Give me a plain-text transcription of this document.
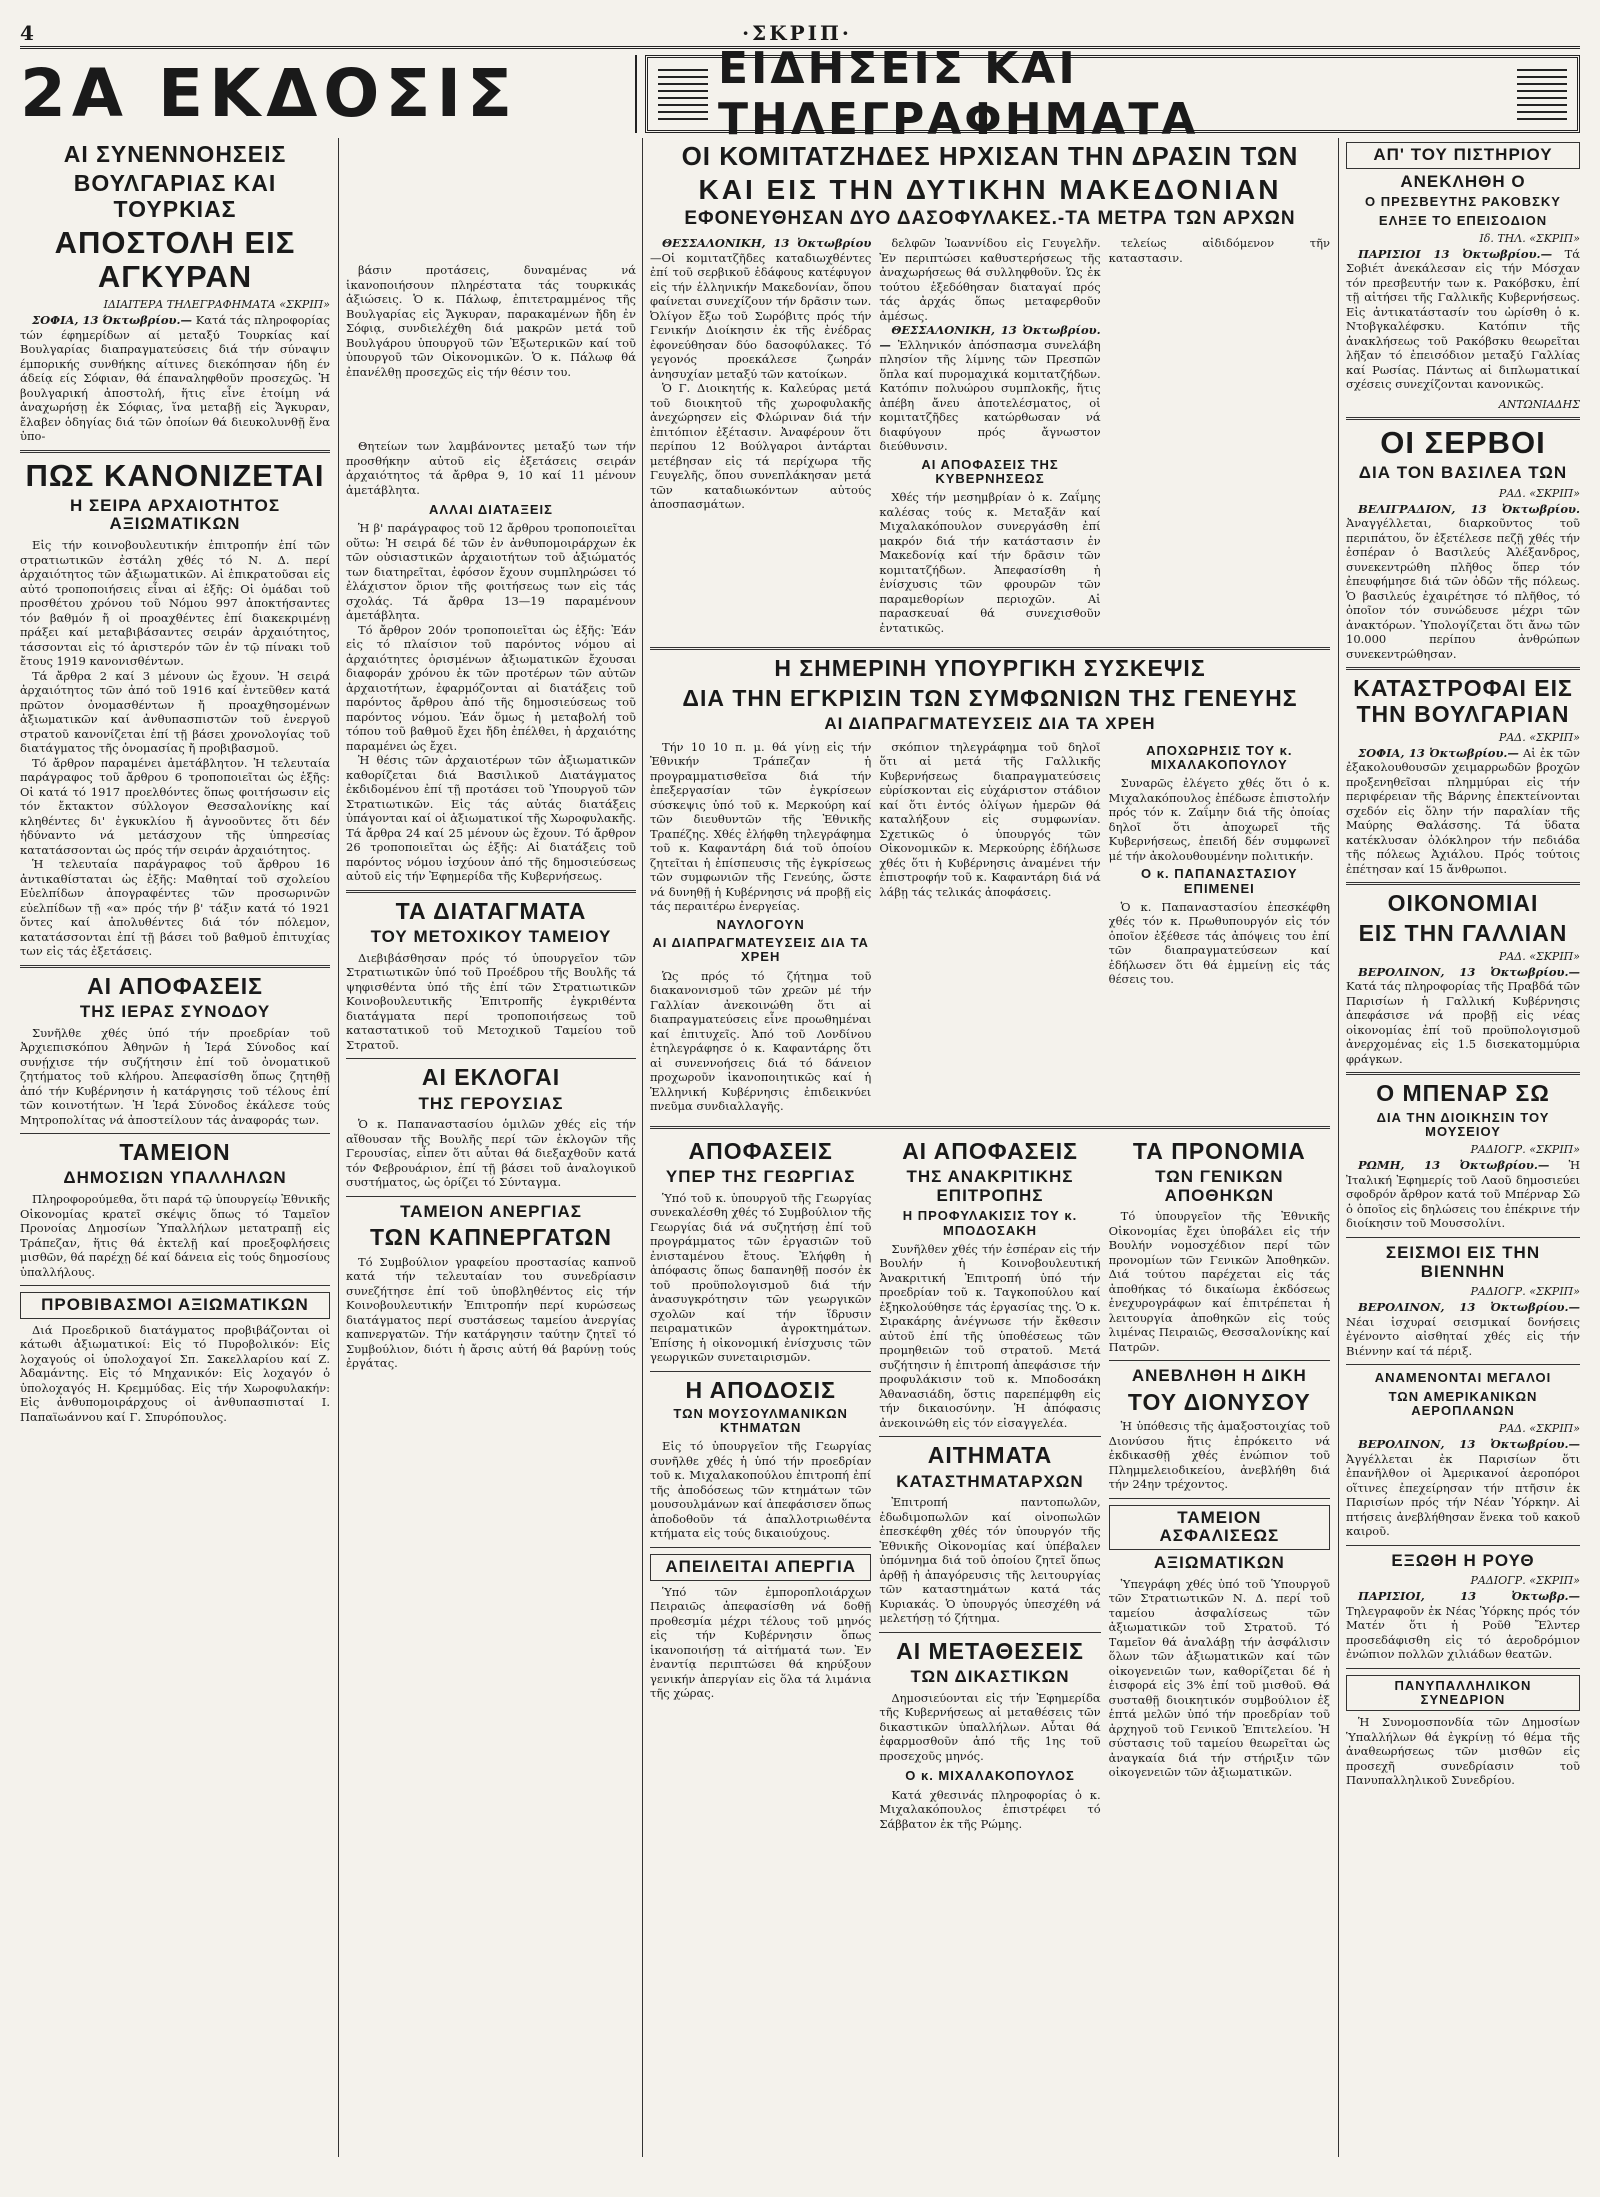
4	·ΣΚΡΙΠ·
2A ΕΚΔΟΣΙΣ	ΕΙΔΗΣΕΙΣ ΚΑΙ ΤΗΛΕΓΡΑΦΗΜΑΤΑ
ΑΙ ΣΥΝΕΝΝΟΗΣΕΙΣ
ΒΟΥΛΓΑΡΙΑΣ ΚΑΙ ΤΟΥΡΚΙΑΣ
ΑΠΟΣΤΟΛΗ ΕΙΣ ΑΓΚΥΡΑΝ
ΙΔΙΑΙΤΕΡΑ ΤΗΛΕΓΡΑΦΗΜΑΤΑ «ΣΚΡΙΠ»

ΣΟΦΙΑ, 13 Όκτωβρίου.— Κατά τάς πληροφορίας τών έφημερίδων αί μεταξύ Τουρκίας καί Βουλγαρίας διαπραγματεύσεις διά τήν σύναψιν έμπορικής συνθήκης αίτινες διεκόπησαν ήδη έν άδείᾳ είς Σόφιαν, θά έπαναληφθοῦν προσεχῶς. Ἡ βουλγαρική ἀποστολή, ἥτις εἶνε ἑτοίμη νά ἀναχωρήσῃ ἐκ Σόφιας, ἵνα μεταβῇ εἰς Ἄγκυραν, ἔλαβεν ὁδηγίας διά τῶν ὁποίων θά διευκολυνθῇ ἕνα ὑπο-

ΠΩΣ ΚΑΝΟΝΙΖΕΤΑΙ
Η ΣΕΙΡΑ ΑΡΧΑΙΟΤΗΤΟΣ ΑΞΙΩΜΑΤΙΚΩΝ

Εἰς τήν κοινοβουλευτικήν ἐπιτροπήν ἐπί τῶν στρατιωτικῶν ἐστάλη χθές τό Ν. Δ. περί ἀρχαιότητος τῶν ἀξιωματικῶν. Αἱ ἐπικρατοῦσαι εἰς αὐτό τροποποιήσεις εἶναι αἱ ἑξῆς: Οἱ ὁμάδαι τοῦ προσθέτου χρόνου τοῦ Νόμου 997 ἀποκτήσαντες τόν βαθμόν ἤ οἱ προαχθέντες ἐπί διακεκριμένῃ πράξει καί μεταβιβάσαντες σειράν ἀρχαιότητος, τάσσονται εἰς τό ἀριστερόν τῶν ἐν τῷ πίνακι τοῦ ἔτους 1919 κανονισθέντων.

Τά ἄρθρα 2 καί 3 μένουν ὡς ἔχουν. Ἡ σειρά ἀρχαιότητος τῶν ἀπό τοῦ 1916 καί ἐντεῦθεν κατά πρῶτον ὀνομασθέντων ἤ προαχθησομένων ἀξιωματικῶν καί ἀνθυπασπιστῶν τοῦ ἐνεργοῦ στρατοῦ κανονίζεται ἐπί τῇ βάσει χρονολογίας τοῦ διατάγματος τῆς ὀνομασίας ἤ προβιβασμοῦ.

Τό ἄρθρον παραμένει ἀμετάβλητον. Ἡ τελευταία παράγραφος τοῦ ἄρθρου 6 τροποποιεῖται ὡς ἑξῆς: Οἱ κατά τό 1917 προελθόντες ὅπως φοιτήσωσιν εἰς τόν ἔκτακτον σύλλογον Θεσσαλονίκης καί κληθέντες δι' ἐγκυκλίου ἤ ἀγνοοῦντες ὅτι δέν ἠδύναντο νά μετάσχουν τῆς ὑπηρεσίας κατατάσσονται ὡς πρός τήν σειράν ἀρχαιότητος.

Ἡ τελευταία παράγραφος τοῦ ἄρθρου 16 ἀντικαθίσταται ὡς ἑξῆς: Μαθηταί τοῦ σχολείου Εὐελπίδων ἀπογραφέντες τῶν προσωρινῶν εὐελπίδων τῇ «α» πρός τήν β' τάξιν κατά τό 1921 ὄντες καί ἀπολυθέντες διά τόν πόλεμον, κατατάσσονται ἐπί τῇ βάσει τοῦ βαθμοῦ ἐπιτυχίας των εἰς τάς ἐξετάσεις.

ΑΙ ΑΠΟΦΑΣΕΙΣ
ΤΗΣ ΙΕΡΑΣ ΣΥΝΟΔΟΥ

Συνῆλθε χθές ὑπό τήν προεδρίαν τοῦ Ἀρχιεπισκόπου Ἀθηνῶν ἡ Ἱερά Σύνοδος καί συνῄχισε τήν συζήτησιν ἐπί τοῦ ὀνοματικοῦ ζητήματος τοῦ κλήρου. Ἀπεφασίσθη ὅπως ζητηθῇ ἀπό τήν Κυβέρνησιν ἡ κατάργησις τοῦ τέλους ἐπί τῶν κοινοτήτων. Ἡ Ἱερά Σύνοδος ἐκάλεσε τούς Μητροπολίτας νά ἀποστείλουν τάς ἀναφοράς των.

ΤΑΜΕΙΟΝ
ΔΗΜΟΣΙΩΝ ΥΠΑΛΛΗΛΩΝ

Πληροφορούμεθα, ὅτι παρά τῷ ὑπουργείῳ Ἐθνικῆς Οἰκονομίας κρατεῖ σκέψις ὅπως τό Ταμεῖον Προνοίας Δημοσίων Ὑπαλλήλων μετατραπῇ εἰς Τράπεζαν, ἥτις θά ἐκτελῇ καί προεξοφλήσεις μισθῶν, θά παρέχῃ δέ καί δάνεια εἰς τούς δημοσίους ὑπαλλήλους.

ΠΡΟΒΙΒΑΣΜΟΙ ΑΞΙΩΜΑΤΙΚΩΝ

Διά Προεδρικοῦ διατάγματος προβιβάζονται οἱ κάτωθι ἀξιωματικοί: Εἰς τό Πυροβολικόν: Εἰς λοχαγούς οἱ ὑπολοχαγοί Σπ. Σακελλαρίου καί Ζ. Ἀδαμάντης. Εἰς τό Μηχανικόν: Εἰς λοχαγόν ὁ ὑπολοχαγός Η. Κρεμμύδας. Εἰς τήν Χωροφυλακήν: Εἰς ἀνθυπομοιράρχους οἱ ἀνθυπασπισταί Ι. Παπαϊωάννου καί Γ. Σπυρόπουλος.

βάσιν προτάσεις, δυναμένας νά ἱκανοποιήσουν πληρέστατα τάς τουρκικάς ἀξιώσεις. Ὁ κ. Πάλωφ, ἐπιτετραμμένος τῆς Βουλγαρίας εἰς Ἄγκυραν, παρακαμένων ἤδη ἐν Σόφιᾳ, συνδιελέχθη διά μακρῶν μετά τοῦ Βουλγάρου ὑπουργοῦ τῶν Ἐξωτερικῶν καί τοῦ ὑπουργοῦ τῶν Οἰκονομικῶν. Ὁ κ. Πάλωφ θά ἐπανέλθῃ προσεχῶς εἰς τήν θέσιν του.

Θητείων των λαμβάνοντες μεταξύ των τήν προσθήκην αὐτοῦ εἰς ἐξετάσεις σειράν ἀρχαιότητος τά ἄρθρα 9, 10 καί 11 μένουν ἀμετάβλητα.

ΑΛΛΑΙ ΔΙΑΤΑΞΕΙΣ

Ἡ β' παράγραφος τοῦ 12 ἄρθρου τροποποιεῖται οὕτω: Ἡ σειρά δέ τῶν ἐν ἀνθυπομοιράρχων ἐκ τῶν οὐσιαστικῶν ἀρχαιοτήτων τοῦ ἀξιώματός των διατηρεῖται, ἐφόσον ἔχουν συμπληρώσει τό ἐλάχιστον ὅριον τῆς φοιτήσεως των εἰς τάς σχολάς. Τά ἄρθρα 13—19 παραμένουν ἀμετάβλητα.

Τό ἄρθρον 20όν τροποποιεῖται ὡς ἑξῆς: Ἐάν εἰς τό πλαίσιον τοῦ παρόντος νόμου αἱ ἀρχαιότητες ὁρισμένων ἀξιωματικῶν ἔχουσαι διαφοράν χρόνου ἐκ τῶν προτέρων τῶν αὐτῶν ἀρχαιοτήτων, ἐφαρμόζονται αἱ διατάξεις τοῦ παρόντος ἄρθρου ἀπό τῆς δημοσιεύσεως τοῦ παρόντος νόμου. Ἐάν ὅμως ἡ μεταβολή τοῦ τόπου τοῦ βαθμοῦ ἔχει ἤδη ἐπέλθει, ἡ ἀρχαιότης παραμένει ὡς ἔχει.

Ἡ θέσις τῶν ἀρχαιοτέρων τῶν ἀξιωματικῶν καθορίζεται διά Βασιλικοῦ Διατάγματος ἐκδιδομένου ἐπί τῇ προτάσει τοῦ Ὑπουργοῦ τῶν Στρατιωτικῶν. Εἰς τάς αὐτάς διατάξεις ὑπάγονται καί οἱ ἀξιωματικοί τῆς Χωροφυλακῆς. Τά ἄρθρα 24 καί 25 μένουν ὡς ἔχουν. Τό ἄρθρον 26 τροποποιεῖται ὡς ἑξῆς: Αἱ διατάξεις τοῦ παρόντος νόμου ἰσχύουν ἀπό τῆς δημοσιεύσεως αὐτοῦ εἰς τήν Ἐφημερίδα τῆς Κυβερνήσεως.

ΤΑ ΔΙΑΤΑΓΜΑΤΑ
ΤΟΥ ΜΕΤΟΧΙΚΟΥ ΤΑΜΕΙΟΥ

Διεβιβάσθησαν πρός τό ὑπουργεῖον τῶν Στρατιωτικῶν ὑπό τοῦ Προέδρου τῆς Βουλῆς τά ψηφισθέντα ὑπό τῆς ἐπί τῶν Στρατιωτικῶν Κοινοβουλευτικῆς Ἐπιτροπῆς ἐγκριθέντα διατάγματα περί τροποποιήσεως τοῦ καταστατικοῦ τοῦ Μετοχικοῦ Ταμείου τοῦ Στρατοῦ.

ΑΙ ΕΚΛΟΓΑΙ
ΤΗΣ ΓΕΡΟΥΣΙΑΣ

Ὁ κ. Παπαναστασίου ὁμιλῶν χθές εἰς τήν αἴθουσαν τῆς Βουλῆς περί τῶν ἐκλογῶν τῆς Γερουσίας, εἶπεν ὅτι αὗται θά διεξαχθοῦν κατά τόν Φεβρουάριον, ἐπί τῇ βάσει τοῦ ἀναλογικοῦ συστήματος, ὡς ὁρίζει τό Σύνταγμα.

ΤΑΜΕΙΟΝ ΑΝΕΡΓΙΑΣ
ΤΩΝ ΚΑΠΝΕΡΓΑΤΩΝ

Τό Συμβούλιον γραφείου προστασίας καπνοῦ κατά τήν τελευταίαν του συνεδρίασιν συνεζήτησε ἐπί τοῦ ὑποβληθέντος εἰς τήν Κοινοβουλευτικήν Ἐπιτροπήν περί κυρώσεως διατάγματος περί συστάσεως ταμείου ἀνεργίας καπνεργατῶν. Τήν κατάργησιν ταύτην ζητεῖ τό Συμβούλιον, διότι ἡ ἄρσις αὐτή θά βαρύνῃ τούς ἐργάτας.

ΟΙ ΚΟΜΙΤΑΤΖΗΔΕΣ ΗΡΧΙΣΑΝ ΤΗΝ ΔΡΑΣΙΝ ΤΩΝ
ΚΑΙ ΕΙΣ ΤΗΝ ΔΥΤΙΚΗΝ ΜΑΚΕΔΟΝΙΑΝ
ΕΦΟΝΕΥΘΗΣΑΝ ΔΥΟ ΔΑΣΟΦΥΛΑΚΕΣ.-ΤΑ ΜΕΤΡΑ ΤΩΝ ΑΡΧΩΝ

ΘΕΣΣΑΛΟΝΙΚΗ, 13 Ὀκτωβρίου —Οἱ κομιτατζῆδες καταδιωχθέντες ἐπί τοῦ σερβικοῦ ἐδάφους κατέφυγον εἰς τήν ἑλληνικήν Μακεδονίαν, ὅπου φαίνεται συνεχίζουν τήν δρᾶσιν των. Ὀλίγον ἔξω τοῦ Σωρόβιτς πρός τήν Γενικήν Διοίκησιν ἐκ τῆς ἐνέδρας ἐφονεύθησαν δύο δασοφύλακες. Τό γεγονός προεκάλεσε ζωηράν ἀνησυχίαν μεταξύ τῶν κατοίκων.

Ὁ Γ. Διοικητής κ. Καλεύρας μετά τοῦ διοικητοῦ τῆς χωροφυλακῆς ἀνεχώρησεν εἰς Φλώριναν διά τήν ἐπιτόπιον ἐξέτασιν. Ἀναφέρουν ὅτι περίπου 12 Βούλγαροι ἀντάρται μετέβησαν εἰς τά περίχωρα τῆς Γευγελῆς, ὅπου συνεπλάκησαν μετά τῶν καταδιωκόντων αὐτούς ἀποσπασμάτων.

δελφῶν Ἰωαννίδου εἰς Γευγελῆν. Ἐν περιπτώσει καθυστερήσεως τῆς ἀναχωρήσεως θά συλληφθοῦν. Ὡς ἐκ τούτου ἐξεδόθησαν διαταγαί πρός τάς ἀρχάς ὅπως μεταφερθοῦν ἀμέσως.

ΘΕΣΣΑΛΟΝΙΚΗ, 13 Ὀκτωβρίου.— Ἑλληνικόν ἀπόσπασμα συνελάβη πλησίον τῆς λίμνης τῶν Πρεσπῶν ὅπλα καί πυρομαχικά κομιτατζήδων. Κατόπιν πολυώρου συμπλοκῆς, ἥτις ἀπέβη ἄνευ ἀποτελέσματος, οἱ κομιτατζῆδες κατώρθωσαν νά διαφύγουν πρός ἄγνωστον διεύθυνσιν.

ΑΙ ΑΠΟΦΑΣΕΙΣ ΤΗΣ ΚΥΒΕΡΝΗΣΕΩΣ

Χθές τήν μεσημβρίαν ὁ κ. Ζαΐμης καλέσας τούς κ. Μεταξᾶν καί Μιχαλακόπουλον συνεργάσθη ἐπί μακρόν διά τήν κατάστασιν ἐν Μακεδονίᾳ καί τήν δρᾶσιν τῶν κομιτατζήδων. Ἀπεφασίσθη ἡ ἐνίσχυσις τῶν φρουρῶν τῶν παραμεθορίων περιοχῶν. Αἱ παρασκευαί θά συνεχισθοῦν ἐντατικῶς.

τελείως αἰδιδόμενον τῆν καταστασιν.

Η ΣΗΜΕΡΙΝΗ ΥΠΟΥΡΓΙΚΗ ΣΥΣΚΕΨΙΣ
ΔΙΑ ΤΗΝ ΕΓΚΡΙΣΙΝ ΤΩΝ ΣΥΜΦΩΝΙΩΝ ΤΗΣ ΓΕΝΕΥΗΣ
ΑΙ ΔΙΑΠΡΑΓΜΑΤΕΥΣΕΙΣ ΔΙΑ ΤΑ ΧΡΕΗ

Τήν 10 10 π. μ. θά γίνῃ εἰς τήν Ἐθνικήν Τράπεζαν ἡ προγραμματισθεῖσα διά τήν ἐπεξεργασίαν τῶν ἐγκρίσεων σύσκεψις ὑπό τοῦ κ. Μερκούρη καί τῶν διευθυντῶν τῆς Ἐθνικῆς Τραπέζης. Χθές ἐλήφθη τηλεγράφημα τοῦ κ. Καφαντάρη διά τοῦ ὁποίου ζητεῖται ἡ ἐπίσπευσις τῆς ἐγκρίσεως τῶν συμφωνιῶν τῆς Γενεύης, ὥστε νά δυνηθῇ ἡ Κυβέρνησις νά προβῇ εἰς τάς περαιτέρω ἐνεργείας.

ΝΑΥΛΟΓΟΥΝ
ΑΙ ΔΙΑΠΡΑΓΜΑΤΕΥΣΕΙΣ ΔΙΑ ΤΑ ΧΡΕΗ

Ὡς πρός τό ζήτημα τοῦ διακανονισμοῦ τῶν χρεῶν μέ τήν Γαλλίαν ἀνεκοινώθη ὅτι αἱ διαπραγματεύσεις εἶνε προωθημέναι καί ἐπιτυχεῖς. Ἀπό τοῦ Λονδίνου ἐτηλεγράφησε ὁ κ. Καφαντάρης ὅτι αἱ συνεννοήσεις διά τό δάνειον προχωροῦν ἱκανοποιητικῶς καί ἡ Ἑλληνική Κυβέρνησις ἐπιδεικνύει πνεῦμα συνδιαλλαγῆς.

σκόπιον τηλεγράφημα τοῦ δηλοῖ ὅτι αἱ μετά τῆς Γαλλικῆς Κυβερνήσεως διαπραγματεύσεις εὑρίσκονται εἰς εὐχάριστον στάδιον καί ὅτι ἐντός ὀλίγων ἡμερῶν θά καταλήξουν εἰς συμφωνίαν. Σχετικῶς ὁ ὑπουργός τῶν Οἰκονομικῶν κ. Μερκούρης ἐδήλωσε χθές ὅτι ἡ Κυβέρνησις ἀναμένει τήν ἐπιστροφήν τοῦ κ. Καφαντάρη διά νά λάβῃ τάς τελικάς ἀποφάσεις.

ΑΠΟΧΩΡΗΣΙΣ ΤΟΥ κ. ΜΙΧΑΛΑΚΟΠΟΥΛΟΥ

Συναρῶς ἐλέγετο χθές ὅτι ὁ κ. Μιχαλακόπουλος ἐπέδωσε ἐπιστολήν πρός τόν κ. Ζαΐμην διά τῆς ὁποίας δηλοῖ ὅτι ἀποχωρεῖ τῆς Κυβερνήσεως, ἐπειδή δέν συμφωνεῖ μέ τήν ἀκολουθουμένην πολιτικήν.

Ο κ. ΠΑΠΑΝΑΣΤΑΣΙΟΥ ΕΠΙΜΕΝΕΙ

Ὁ κ. Παπαναστασίου ἐπεσκέφθη χθές τόν κ. Πρωθυπουργόν εἰς τόν ὁποῖον ἐξέθεσε τάς ἀπόψεις του ἐπί τῶν διαπραγματεύσεων καί ἐδήλωσεν ὅτι θά ἐμμείνῃ εἰς τάς θέσεις του.

ΑΠΟΦΑΣΕΙΣ
ΥΠΕΡ ΤΗΣ ΓΕΩΡΓΙΑΣ

Ὑπό τοῦ κ. ὑπουργοῦ τῆς Γεωργίας συνεκαλέσθη χθές τό Συμβούλιον τῆς Γεωργίας διά νά συζητήσῃ ἐπί τοῦ προγράμματος τῶν ἐργασιῶν τοῦ ἐνισταμένου ἔτους. Ἐλήφθη ἡ ἀπόφασις ὅπως δαπανηθῇ ποσόν ἐκ τοῦ προϋπολογισμοῦ διά τήν ἀνασυγκρότησιν τῶν γεωργικῶν σχολῶν καί τήν ἵδρυσιν πειραματικῶν ἀγροκτημάτων. Ἐπίσης ἡ οἰκονομική ἐνίσχυσις τῶν γεωργικῶν συνεταιρισμῶν.

Η ΑΠΟΔΟΣΙΣ
ΤΩΝ ΜΟΥΣΟΥΛΜΑΝΙΚΩΝ ΚΤΗΜΑΤΩΝ

Εἰς τό ὑπουργεῖον τῆς Γεωργίας συνῆλθε χθές ἡ ὑπό τήν προεδρίαν τοῦ κ. Μιχαλακοπούλου ἐπιτροπή ἐπί τῆς ἀποδόσεως τῶν κτημάτων τῶν μουσουλμάνων καί ἀπεφάσισεν ὅπως ἀποδοθοῦν τά ἀπαλλοτριωθέντα κτήματα εἰς τούς δικαιούχους.

ΑΠΕΙΛΕΙΤΑΙ ΑΠΕΡΓΙΑ

Ὑπό τῶν ἐμποροπλοιάρχων Πειραιῶς ἀπεφασίσθη νά δοθῇ προθεσμία μέχρι τέλους τοῦ μηνός εἰς τήν Κυβέρνησιν ὅπως ἱκανοποιήσῃ τά αἰτήματά των. Ἐν ἐναντίᾳ περιπτώσει θά κηρύξουν γενικήν ἀπεργίαν εἰς ὅλα τά λιμάνια τῆς χώρας.

ΑΙ ΑΠΟΦΑΣΕΙΣ
ΤΗΣ ΑΝΑΚΡΙΤΙΚΗΣ ΕΠΙΤΡΟΠΗΣ
Η ΠΡΟΦΥΛΑΚΙΣΙΣ ΤΟΥ κ. ΜΠΟΔΟΣΑΚΗ

Συνῆλθεν χθές τήν ἑσπέραν εἰς τήν Βουλήν ἡ Κοινοβουλευτική Ἀνακριτική Ἐπιτροπή ὑπό τήν προεδρίαν τοῦ κ. Ταγκοπούλου καί ἐξηκολούθησε τάς ἐργασίας της. Ὁ κ. Σιρακάρης ἀνέγνωσε τήν ἔκθεσιν αὐτοῦ ἐπί τῆς ὑποθέσεως τῶν προμηθειῶν τοῦ στρατοῦ. Μετά συζήτησιν ἡ ἐπιτροπή ἀπεφάσισε τήν προφυλάκισιν τοῦ κ. Μποδοσάκη Ἀθανασιάδη, ὅστις παρεπέμφθη εἰς τήν δικαιοσύνην. Ἡ ἀπόφασις ἀνεκοινώθη εἰς τόν εἰσαγγελέα.

ΑΙΤΗΜΑΤΑ
ΚΑΤΑΣΤΗΜΑΤΑΡΧΩΝ

Ἐπιτροπή παντοπωλῶν, ἐδωδιμοπωλῶν καί οἰνοπωλῶν ἐπεσκέφθη χθές τόν ὑπουργόν τῆς Ἐθνικῆς Οἰκονομίας καί ὑπέβαλεν ὑπόμνημα διά τοῦ ὁποίου ζητεῖ ὅπως ἀρθῇ ἡ ἀπαγόρευσις τῆς λειτουργίας τῶν καταστημάτων κατά τάς Κυριακάς. Ὁ ὑπουργός ὑπεσχέθη νά μελετήσῃ τό ζήτημα.

ΑΙ ΜΕΤΑΘΕΣΕΙΣ
ΤΩΝ ΔΙΚΑΣΤΙΚΩΝ

Δημοσιεύονται εἰς τήν Ἐφημερίδα τῆς Κυβερνήσεως αἱ μεταθέσεις τῶν δικαστικῶν ὑπαλλήλων. Αὗται θά ἐφαρμοσθοῦν ἀπό τῆς 1ης τοῦ προσεχοῦς μηνός.

Ο κ. ΜΙΧΑΛΑΚΟΠΟΥΛΟΣ

Κατά χθεσινάς πληροφορίας ὁ κ. Μιχαλακόπουλος ἐπιστρέφει τό Σάββατον ἐκ τῆς Ρώμης.

ΤΑ ΠΡΟΝΟΜΙΑ
ΤΩΝ ΓΕΝΙΚΩΝ ΑΠΟΘΗΚΩΝ

Τό ὑπουργεῖον τῆς Ἐθνικῆς Οἰκονομίας ἔχει ὑποβάλει εἰς τήν Βουλήν νομοσχέδιον περί τῶν προνομίων τῶν Γενικῶν Ἀποθηκῶν. Διά τούτου παρέχεται εἰς τάς ἀποθήκας τό δικαίωμα ἐκδόσεως ἐνεχυρογράφων καί ἐπιτρέπεται ἡ λειτουργία ἀποθηκῶν εἰς τούς λιμένας Πειραιῶς, Θεσσαλονίκης καί Πατρῶν.

ΑΝΕΒΛΗΘΗ Η ΔΙΚΗ
ΤΟΥ ΔΙΟΝΥΣΟΥ

Ἡ ὑπόθεσις τῆς ἀμαξοστοιχίας τοῦ Διονύσου ἥτις ἐπρόκειτο νά ἐκδικασθῇ χθές ἐνώπιον τοῦ Πλημμελειοδικείου, ἀνεβλήθη διά τήν 24ην τρέχοντος.

ΤΑΜΕΙΟΝ ΑΣΦΑΛΙΣΕΩΣ
ΑΞΙΩΜΑΤΙΚΩΝ

Ὑπεγράφη χθές ὑπό τοῦ Ὑπουργοῦ τῶν Στρατιωτικῶν Ν. Δ. περί τοῦ ταμείου ἀσφαλίσεως τῶν ἀξιωματικῶν τοῦ Στρατοῦ. Τό Ταμεῖον θά ἀναλάβῃ τήν ἀσφάλισιν ὅλων τῶν ἀξιωματικῶν καί τῶν οἰκογενειῶν των, καθορίζεται δέ ἡ ἐισφορά εἰς 3% ἐπί τοῦ μισθοῦ. Θά συσταθῇ διοικητικόν συμβούλιον ἐξ ἑπτά μελῶν ὑπό τήν προεδρίαν τοῦ ἀρχηγοῦ τοῦ Γενικοῦ Ἐπιτελείου. Ἡ σύστασις τοῦ ταμείου θεωρεῖται ὡς ἀναγκαία διά τήν στήριξιν τῶν οἰκογενειῶν τῶν ἀξιωματικῶν.

ΑΠ' ΤΟΥ ΠΙΣΤΗΡΙΟΥ
ΑΝΕΚΛΗΘΗ Ο
Ο ΠΡΕΣΒΕΥΤΗΣ ΡΑΚΟΒΣΚΥ
ΕΛΗΞΕ ΤΟ ΕΠΕΙΣΟΔΙΟΝ
Ιδ. ΤΗΛ. «ΣΚΡΙΠ»

ΠΑΡΙΣΙΟΙ 13 Ὀκτωβρίου.— Τά Σοβιέτ ἀνεκάλεσαν εἰς τήν Μόσχαν τόν πρεσβευτήν των κ. Ρακόβσκυ, ἐπί τῇ αἰτήσει τῆς Γαλλικῆς Κυβερνήσεως. Εἰς ἀντικατάστασίν του ὡρίσθη ὁ κ. Ντοβγκαλέφσκυ. Κατόπιν τῆς ἀνακλήσεως τοῦ Ρακόβσκυ θεωρεῖται λῆξαν τό ἐπεισόδιον μεταξύ Γαλλίας καί Ρωσίας. Πάντως αἱ διπλωματικαί σχέσεις συνεχίζονται κανονικῶς.

ΑΝΤΩΝΙΑΔΗΣ
ΟΙ ΣΕΡΒΟΙ
ΔΙΑ ΤΟΝ ΒΑΣΙΛΕΑ ΤΩΝ
ΡΑΔ. «ΣΚΡΙΠ»

ΒΕΛΙΓΡΑΔΙΟΝ, 13 Ὀκτωβρίου. Ἀναγγέλλεται, διαρκοῦντος τοῦ περιπάτου, ὅν ἐξετέλεσε πεζῇ χθές τήν ἑσπέραν ὁ Βασιλεύς Ἀλέξανδρος, συνεκεντρώθη πλῆθος ὅπερ τόν ἐπευφήμησε διά τῶν ὁδῶν τῆς πόλεως. Ὁ βασιλεύς ἐχαιρέτησε τό πλῆθος, τό ὁποῖον τόν συνώδευσε μέχρι τῶν ἀνακτόρων. Ὑπολογίζεται ὅτι ἄνω τῶν 10.000 περίπου ἀνθρώπων συνεκεντρώθησαν.

ΚΑΤΑΣΤΡΟΦΑΙ ΕΙΣ ΤΗΝ ΒΟΥΛΓΑΡΙΑΝ
ΡΑΔ. «ΣΚΡΙΠ»

ΣΟΦΙΑ, 13 Ὀκτωβρίου.— Αἱ ἐκ τῶν ἐξακολουθουσῶν χειμαρρωδῶν βροχῶν προξενηθεῖσαι πλημμύραι εἰς τήν περιφέρειαν τῆς Βάρνης ἐπεκτείνονται σχεδόν εἰς ὅλην τήν παραλίαν τῆς Μαύρης Θαλάσσης. Τά ὕδατα κατέκλυσαν ὁλόκληρον τήν πεδιάδα τῆς πόλεως Ἀχιάλου. Πρός τούτοις ἐπέτησαν καί 15 ἄνθρωποι.

ΟΙΚΟΝΟΜΙΑΙ
ΕΙΣ ΤΗΝ ΓΑΛΛΙΑΝ
ΡΑΔ. «ΣΚΡΙΠ»

ΒΕΡΟΛΙΝΟΝ, 13 Ὀκτωβρίου.— Κατά τάς πληροφορίας τῆς Πραβδά τῶν Παρισίων ἡ Γαλλική Κυβέρνησις ἀπεφάσισε νά προβῇ εἰς νέας οἰκονομίας ἐπί τοῦ προϋπολογισμοῦ ἀνερχομένας εἰς 1.5 δισεκατομμύρια φράγκων.

Ο ΜΠΕΝΑΡ ΣΩ
ΔΙΑ ΤΗΝ ΔΙΟΙΚΗΣΙΝ ΤΟΥ ΜΟΥΣΕΙΟΥ
ΡΑΔΙΟΓΡ. «ΣΚΡΙΠ»

ΡΩΜΗ, 13 Ὀκτωβρίου.— Ἡ Ἰταλική Ἐφημερίς τοῦ Λαοῦ δημοσιεύει σφοδρόν ἄρθρον κατά τοῦ Μπέρναρ Σῶ ὁ ὁποῖος εἰς δηλώσεις του ἐπέκρινε τήν διοίκησιν τοῦ Μουσσολίνι.

ΣΕΙΣΜΟΙ ΕΙΣ ΤΗΝ ΒΙΕΝΝΗΝ
ΡΑΔΙΟΓΡ. «ΣΚΡΙΠ»

ΒΕΡΟΛΙΝΟΝ, 13 Ὀκτωβρίου.— Νέαι ἰσχυραί σεισμικαί δονήσεις ἐγένοντο αἰσθηταί χθές εἰς τήν Βιέννην καί τά πέριξ.

ΑΝΑΜΕΝΟΝΤΑΙ ΜΕΓΑΛΟΙ
ΤΩΝ ΑΜΕΡΙΚΑΝΙΚΩΝ ΑΕΡΟΠΛΑΝΩΝ
ΡΑΔ. «ΣΚΡΙΠ»

ΒΕΡΟΛΙΝΟΝ, 13 Ὀκτωβρίου.— Ἀγγέλλεται ἐκ Παρισίων ὅτι ἐπανῆλθον οἱ Ἀμερικανοί ἀεροπόροι οἵτινες ἐπεχείρησαν τήν πτῆσιν ἐκ Παρισίων πρός τήν Νέαν Ὑόρκην. Αἱ πτήσεις ἀνεβλήθησαν ἕνεκα τοῦ κακοῦ καιροῦ.

ΕΞΩΘΗ Η ΡΟΥΘ
ΡΑΔΙΟΓΡ. «ΣΚΡΙΠ»

ΠΑΡΙΣΙΟΙ, 13 Ὀκτωβρ.— Τηλεγραφοῦν ἐκ Νέας Ὑόρκης πρός τόν Ματέν ὅτι ἡ Ροῦθ Ἔλντερ προσεδάφισθη εἰς τό ἀεροδρόμιον ἐνώπιον πολλῶν χιλιάδων θεατῶν.

ΠΑΝΥΠΑΛΛΗΛΙΚΟΝ ΣΥΝΕΔΡΙΟΝ

Ἡ Συνομοσπονδία τῶν Δημοσίων Ὑπαλλήλων θά ἐγκρίνῃ τό θέμα τῆς ἀναθεωρήσεως τῶν μισθῶν εἰς προσεχῆ συνεδρίασιν τοῦ Πανυπαλληλικοῦ Συνεδρίου.
